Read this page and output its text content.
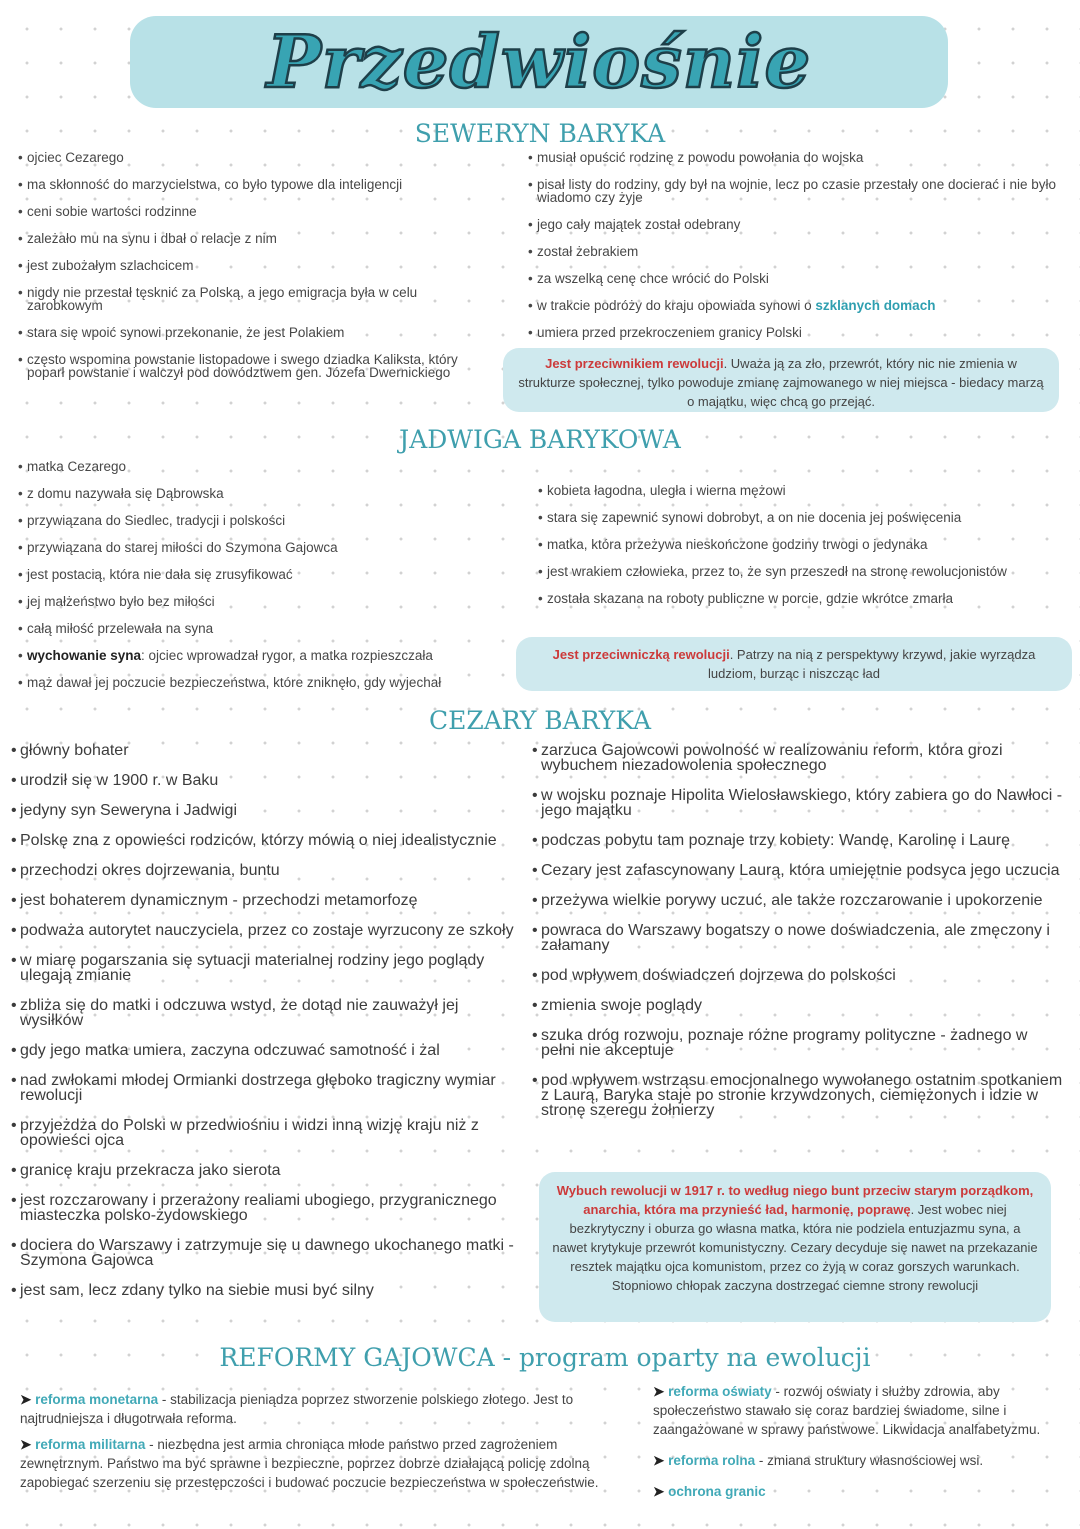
Przedwiośnie
SEWERYN BARYKA
• ojciec Cezarego
• ma skłonność do marzycielstwa, co było typowe dla inteligencji
• ceni sobie wartości rodzinne
• zależało mu na synu i dbał o relacje z nim
• jest zubożałym szlachcicem
• nigdy nie przestał tęsknić za Polską, a jego emigracja była w celu zarobkowym
• stara się wpoić synowi przekonanie, że jest Polakiem
• często wspomina powstanie listopadowe i swego dziadka Kaliksta, który poparł powstanie i walczył pod dowództwem gen. Józefa Dwernickiego
• musiał opuścić rodzinę z powodu powołania do wojska
• pisał listy do rodziny, gdy był na wojnie, lecz po czasie przestały one docierać i nie było wiadomo czy żyje
• jego cały majątek został odebrany
• został żebrakiem
• za wszelką cenę chce wrócić do Polski
• w trakcie podróży do kraju opowiada synowi o szklanych domach
• umiera przed przekroczeniem granicy Polski
Jest przeciwnikiem rewolucji. Uważa ją za zło, przewrót, który nic nie zmienia w strukturze społecznej, tylko powoduje zmianę zajmowanego w niej miejsca - biedacy marzą o majątku, więc chcą go przejąć.
JADWIGA BARYKOWA
• matka Cezarego
• z domu nazywała się Dąbrowska
• przywiązana do Siedlec, tradycji i polskości
• przywiązana do starej miłości do Szymona Gajowca
• jest postacią, która nie dała się zrusyfikować
• jej małżeństwo było bez miłości
• całą miłość przelewała na syna
• wychowanie syna: ojciec wprowadzał rygor, a matka rozpieszczała
• mąż dawał jej poczucie bezpieczeństwa, które zniknęło, gdy wyjechał
• kobieta łagodna, uległa i wierna mężowi
• stara się zapewnić synowi dobrobyt, a on nie docenia jej poświęcenia
• matka, która przeżywa nieskończone godziny trwogi o jedynaka
• jest wrakiem człowieka, przez to, że syn przeszedł na stronę rewolucjonistów
• została skazana na roboty publiczne w porcie, gdzie wkrótce zmarła
Jest przeciwniczką rewolucji. Patrzy na nią z perspektywy krzywd, jakie wyrządza ludziom, burząc i niszcząc ład
CEZARY BARYKA
• główny bohater
• urodził się w 1900 r. w Baku
• jedyny syn Seweryna i Jadwigi
• Polskę zna z opowieści rodziców, którzy mówią o niej idealistycznie
• przechodzi okres dojrzewania, buntu
• jest bohaterem dynamicznym - przechodzi metamorfozę
• podważa autorytet nauczyciela, przez co zostaje wyrzucony ze szkoły
• w miarę pogarszania się sytuacji materialnej rodziny jego poglądy ulegają zmianie
• zbliża się do matki i odczuwa wstyd, że dotąd nie zauważył jej wysiłków
• gdy jego matka umiera, zaczyna odczuwać samotność i żal
• nad zwłokami młodej Ormianki dostrzega głęboko tragiczny wymiar rewolucji
• przyjeżdża do Polski w przedwiośniu i widzi inną wizję kraju niż z opowieści ojca
• granicę kraju przekracza jako sierota
• jest rozczarowany i przerażony realiami ubogiego, przygranicznego miasteczka polsko-żydowskiego
• dociera do Warszawy i zatrzymuje się u dawnego ukochanego matki - Szymona Gajowca
• jest sam, lecz zdany tylko na siebie musi być silny
• zarzuca Gajowcowi powolność w realizowaniu reform, która grozi wybuchem niezadowolenia społecznego
• w wojsku poznaje Hipolita Wielosławskiego, który zabiera go do Nawłoci - jego majątku
• podczas pobytu tam poznaje trzy kobiety: Wandę, Karolinę i Laurę
• Cezary jest zafascynowany Laurą, która umiejętnie podsyca jego uczucia
• przeżywa wielkie porywy uczuć, ale także rozczarowanie i upokorzenie
• powraca do Warszawy bogatszy o nowe doświadczenia, ale zmęczony i załamany
• pod wpływem doświadczeń dojrzewa do polskości
• zmienia swoje poglądy
• szuka dróg rozwoju, poznaje różne programy polityczne - żadnego w pełni nie akceptuje
• pod wpływem wstrząsu emocjonalnego wywołanego ostatnim spotkaniem z Laurą, Baryka staje po stronie krzywdzonych, ciemiężonych i idzie w stronę szeregu żołnierzy
Wybuch rewolucji w 1917 r. to według niego bunt przeciw starym porządkom, anarchia, która ma przynieść ład, harmonię, poprawę. Jest wobec niej bezkrytyczny i oburza go własna matka, która nie podziela entuzjazmu syna, a nawet krytykuje przewrót komunistyczny. Cezary decyduje się nawet na przekazanie resztek majątku ojca komunistom, przez co żyją w coraz gorszych warunkach. Stopniowo chłopak zaczyna dostrzegać ciemne strony rewolucji
REFORMY GAJOWCA - program oparty na ewolucji
➤ reforma monetarna - stabilizacja pieniądza poprzez stworzenie polskiego złotego. Jest to najtrudniejsza i długotrwała reforma.
➤ reforma militarna - niezbędna jest armia chroniąca młode państwo przed zagrożeniem zewnętrznym. Państwo ma być sprawne i bezpieczne, poprzez dobrze działającą policję zdolną zapobiegać szerzeniu się przestępczości i budować poczucie bezpieczeństwa w społeczeństwie.
➤ reforma oświaty - rozwój oświaty i służby zdrowia, aby społeczeństwo stawało się coraz bardziej świadome, silne i zaangażowane w sprawy państwowe. Likwidacja analfabetyzmu.
➤ reforma rolna - zmiana struktury własnościowej wsi.
➤ ochrona granic
